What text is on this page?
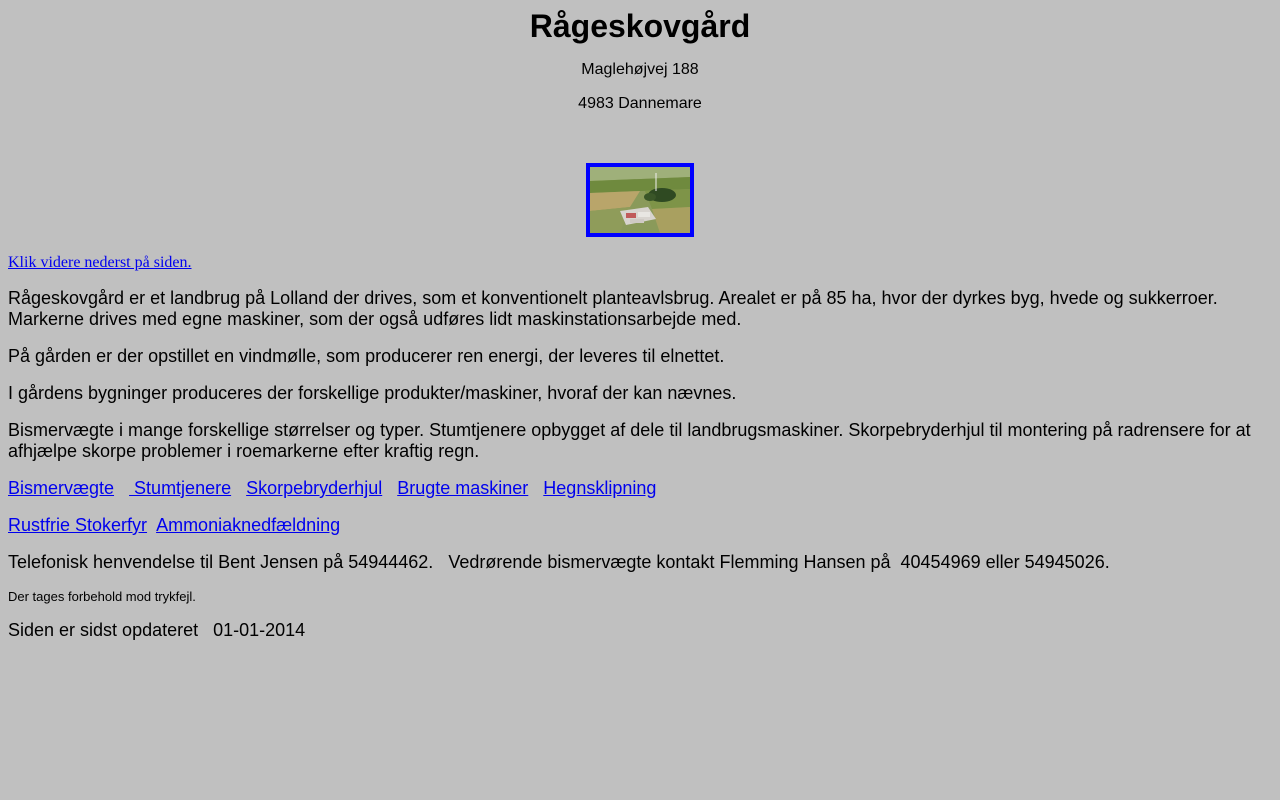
Rågeskovgård

Maglehøjvej 188

4983 Dannemare

Klik videre nederst på siden.

Rågeskovgård er et landbrug på Lolland der drives, som et konventionelt planteavlsbrug. Arealet er på 85 ha, hvor der dyrkes byg, hvede og sukkerroer. Markerne drives med egne maskiner, som der også udføres lidt maskinstationsarbejde med.

På gården er der opstillet en vindmølle, som producerer ren energi, der leveres til elnettet.

I gårdens bygninger produceres der forskellige produkter/maskiner, hvoraf der kan nævnes.

Bismervægte i mange forskellige størrelser og typer. Stumtjenere opbygget af dele til landbrugsmaskiner. Skorpebryderhjul til montering på radrensere for at afhjælpe skorpe problemer i roemarkerne efter kraftig regn.

Bismervægte    Stumtjenere Skorpebryderhjul Brugte maskiner Hegnsklipning

Rustfrie Stokerfyr Ammoniaknedfældning

Telefonisk henvendelse til Bent Jensen på 54944462.   Vedrørende bismervægte kontakt Flemming Hansen på  40454969 eller 54945026.

Der tages forbehold mod trykfejl.

Siden er sidst opdateret   01-01-2014
